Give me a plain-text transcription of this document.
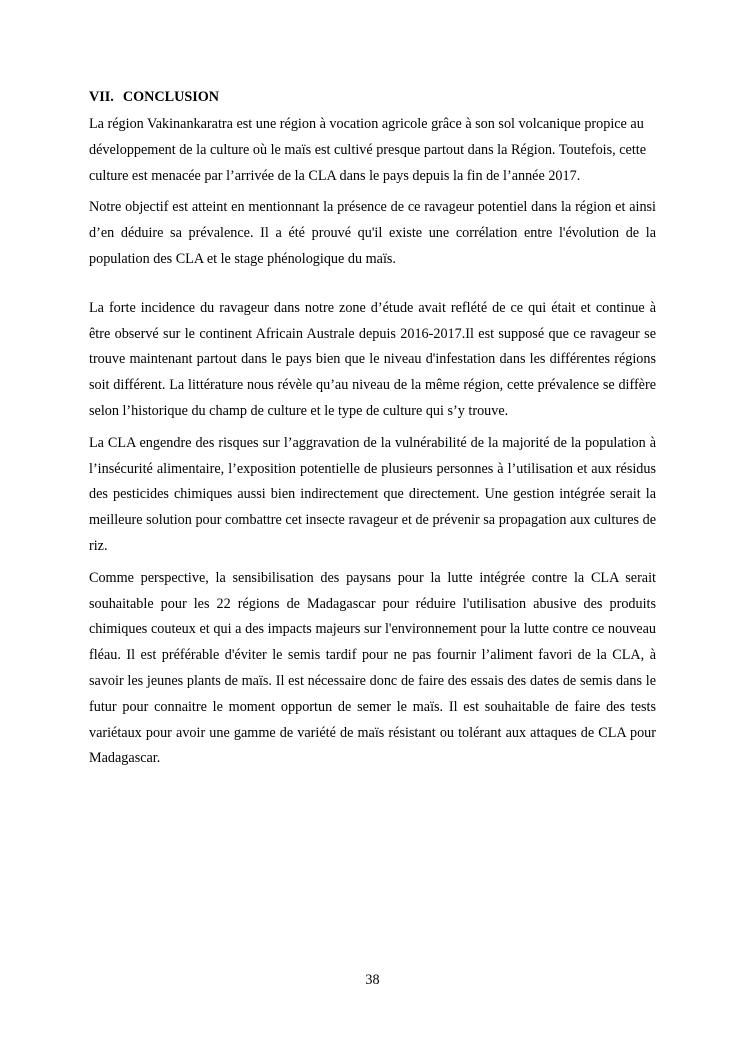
VII. CONCLUSION

La région Vakinankaratra est une région à vocation agricole grâce à son sol volcanique propice au développement de la culture où le maïs est cultivé presque partout dans la Région. Toutefois, cette culture est menacée par l’arrivée de la CLA dans le pays depuis la fin de l’année 2017.

Notre objectif est atteint en mentionnant la présence de ce ravageur potentiel dans la région et ainsi d’en déduire sa prévalence. Il a été prouvé qu'il existe une corrélation entre l'évolution de la population des CLA et le stage phénologique du maïs.

La forte incidence du ravageur dans notre zone d’étude avait reflété de ce qui était et continue à être observé sur le continent Africain Australe depuis 2016-2017.Il est supposé que ce ravageur se trouve maintenant partout dans le pays bien que le niveau d'infestation dans les différentes régions soit différent. La littérature nous révèle qu’au niveau de la même région, cette prévalence se diffère selon l’historique du champ de culture et le type de culture qui s’y trouve.

La CLA engendre des risques sur l’aggravation de la vulnérabilité de la majorité de la population à l’insécurité alimentaire, l’exposition potentielle de plusieurs personnes à l’utilisation et aux résidus des pesticides chimiques aussi bien indirectement que directement. Une gestion intégrée serait la meilleure solution pour combattre cet insecte ravageur et de prévenir sa propagation aux cultures de riz.

Comme perspective, la sensibilisation des paysans pour la lutte intégrée contre la CLA serait souhaitable pour les 22 régions de Madagascar pour réduire l'utilisation abusive des produits chimiques couteux et qui a des impacts majeurs sur l'environnement pour la lutte contre ce nouveau fléau. Il est préférable d'éviter le semis tardif pour ne pas fournir l’aliment favori de la CLA, à savoir les jeunes plants de maïs. Il est nécessaire donc de faire des essais des dates de semis dans le futur pour connaitre le moment opportun de semer le maïs. Il est souhaitable de faire des tests variétaux pour avoir une gamme de variété de maïs résistant ou tolérant aux attaques de CLA pour Madagascar.

38
